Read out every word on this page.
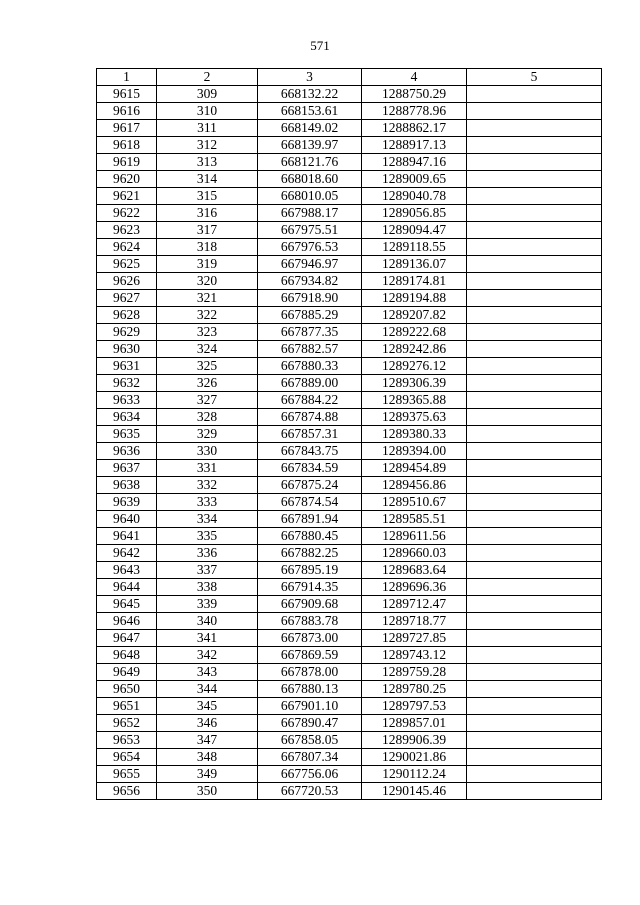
571
1	2	3	4	5
9615	309	668132.22	1288750.29	
9616	310	668153.61	1288778.96	
9617	311	668149.02	1288862.17	
9618	312	668139.97	1288917.13	
9619	313	668121.76	1288947.16	
9620	314	668018.60	1289009.65	
9621	315	668010.05	1289040.78	
9622	316	667988.17	1289056.85	
9623	317	667975.51	1289094.47	
9624	318	667976.53	1289118.55	
9625	319	667946.97	1289136.07	
9626	320	667934.82	1289174.81	
9627	321	667918.90	1289194.88	
9628	322	667885.29	1289207.82	
9629	323	667877.35	1289222.68	
9630	324	667882.57	1289242.86	
9631	325	667880.33	1289276.12	
9632	326	667889.00	1289306.39	
9633	327	667884.22	1289365.88	
9634	328	667874.88	1289375.63	
9635	329	667857.31	1289380.33	
9636	330	667843.75	1289394.00	
9637	331	667834.59	1289454.89	
9638	332	667875.24	1289456.86	
9639	333	667874.54	1289510.67	
9640	334	667891.94	1289585.51	
9641	335	667880.45	1289611.56	
9642	336	667882.25	1289660.03	
9643	337	667895.19	1289683.64	
9644	338	667914.35	1289696.36	
9645	339	667909.68	1289712.47	
9646	340	667883.78	1289718.77	
9647	341	667873.00	1289727.85	
9648	342	667869.59	1289743.12	
9649	343	667878.00	1289759.28	
9650	344	667880.13	1289780.25	
9651	345	667901.10	1289797.53	
9652	346	667890.47	1289857.01	
9653	347	667858.05	1289906.39	
9654	348	667807.34	1290021.86	
9655	349	667756.06	1290112.24	
9656	350	667720.53	1290145.46	
